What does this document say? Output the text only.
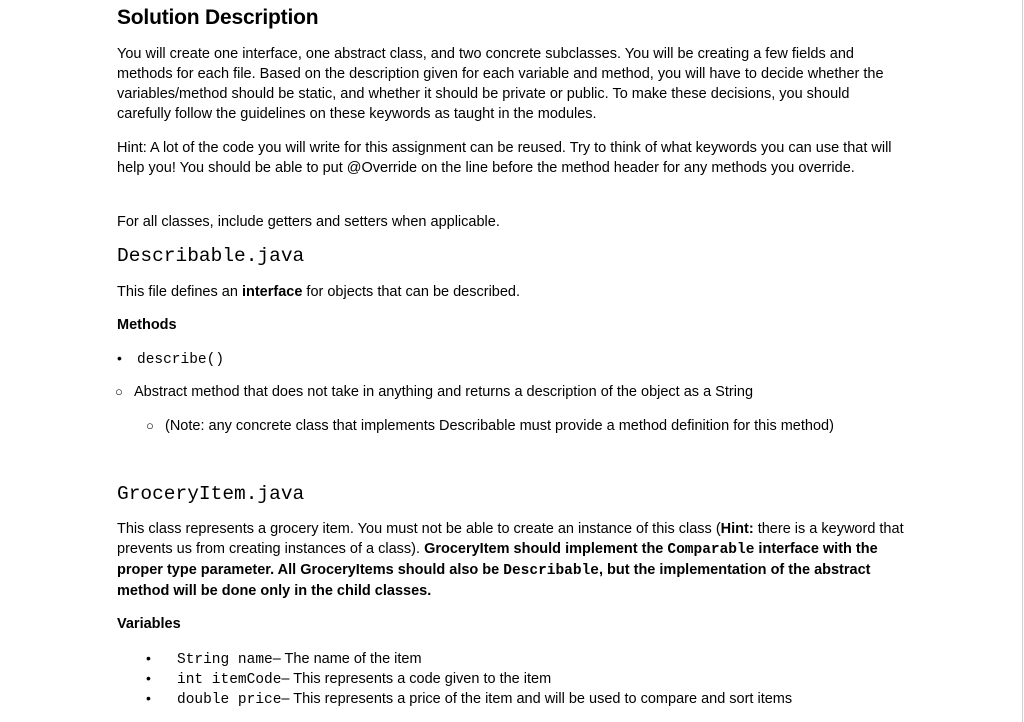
Solution Description

You will create one interface, one abstract class, and two concrete subclasses. You will be creating a few fields and methods for each file. Based on the description given for each variable and method, you will have to decide whether the variables/method should be static, and whether it should be private or public. To make these decisions, you should carefully follow the guidelines on these keywords as taught in the modules.

Hint: A lot of the code you will write for this assignment can be reused. Try to think of what keywords you can use that will help you! You should be able to put @Override on the line before the method header for any methods you override.

For all classes, include getters and setters when applicable.

Describable.java

This file defines an interface for objects that can be described.

Methods

•	describe()
○ Abstract method that does not take in anything and returns a description of the object as a String
○ (Note: any concrete class that implements Describable must provide a method definition for this method)
GroceryItem.java

This class represents a grocery item. You must not be able to create an instance of this class (Hint: there is a keyword that prevents us from creating instances of a class). GroceryItem should implement the Comparable interface with the proper type parameter. All GroceryItems should also be Describable, but the implementation of the abstract method will be done only in the child classes.

Variables

•	String name – The name of the item
•	int itemCode – This represents a code given to the item
•	double price – This represents a price of the item and will be used to compare and sort items
